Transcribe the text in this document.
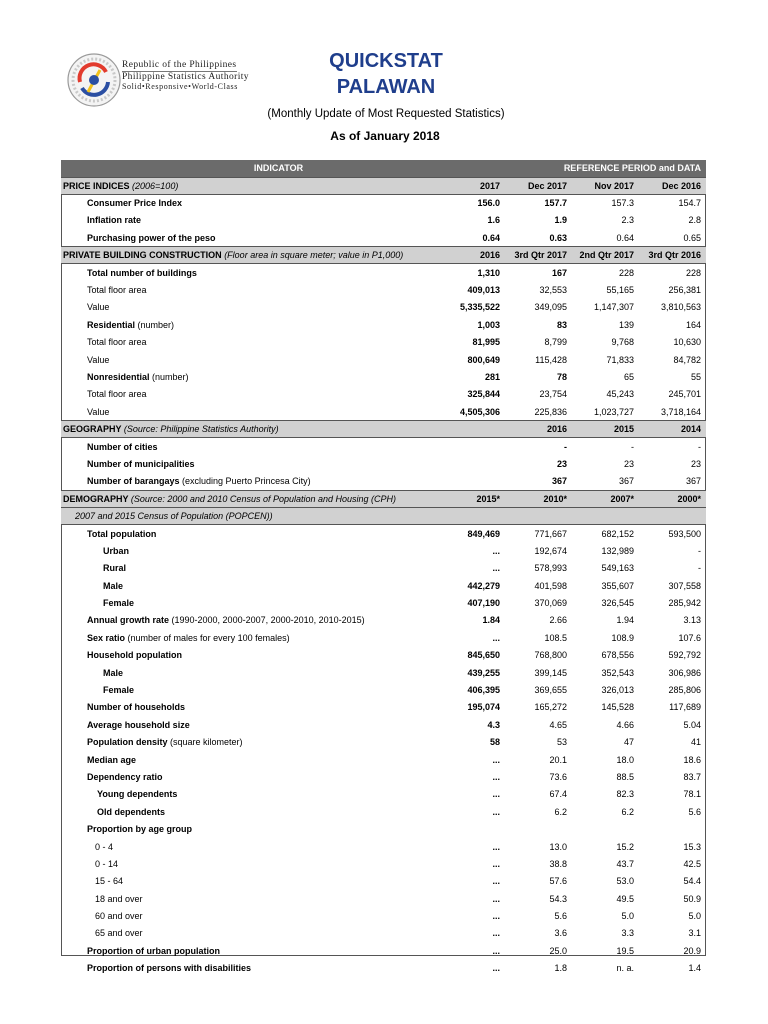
Republic of the Philippines
Philippine Statistics Authority
Solid•Responsive•World-Class
QUICKSTAT
PALAWAN
(Monthly Update of Most Requested Statistics)
As of January 2018
INDICATOR	REFERENCE PERIOD and DATA			
PRICE INDICES (2006=100)	2017	Dec 2017	Nov 2017	Dec 2016
Consumer Price Index	156.0	157.7	157.3	154.7
Inflation rate	1.6	1.9	2.3	2.8
Purchasing power of the peso	0.64	0.63	0.64	0.65
PRIVATE BUILDING CONSTRUCTION (Floor area in square meter; value in P1,000)	2016	3rd Qtr 2017	2nd Qtr 2017	3rd Qtr 2016
Total number of buildings	1,310	167	228	228
Total floor area	409,013	32,553	55,165	256,381
Value	5,335,522	349,095	1,147,307	3,810,563
Residential (number)	1,003	83	139	164
Total floor area	81,995	8,799	9,768	10,630
Value	800,649	115,428	71,833	84,782
Nonresidential (number)	281	78	65	55
Total floor area	325,844	23,754	45,243	245,701
Value	4,505,306	225,836	1,023,727	3,718,164
GEOGRAPHY (Source: Philippine Statistics Authority)		2016	2015	2014
Number of cities		-	-	-
Number of municipalities		23	23	23
Number of barangays (excluding Puerto Princesa City)		367	367	367
DEMOGRAPHY (Source: 2000 and 2010 Census of Population and Housing (CPH)	2015*	2010*	2007*	2000*
2007 and 2015 Census of Population (POPCEN))				
Total population	849,469	771,667	682,152	593,500
Urban	...	192,674	132,989	-
Rural	...	578,993	549,163	-
Male	442,279	401,598	355,607	307,558
Female	407,190	370,069	326,545	285,942
Annual growth rate (1990-2000, 2000-2007, 2000-2010, 2010-2015)	1.84	2.66	1.94	3.13
Sex ratio (number of males for every 100 females)	...	108.5	108.9	107.6
Household population	845,650	768,800	678,556	592,792
Male	439,255	399,145	352,543	306,986
Female	406,395	369,655	326,013	285,806
Number of households	195,074	165,272	145,528	117,689
Average household size	4.3	4.65	4.66	5.04
Population density (square kilometer)	58	53	47	41
Median age	...	20.1	18.0	18.6
Dependency ratio	...	73.6	88.5	83.7
Young dependents	...	67.4	82.3	78.1
Old dependents	...	6.2	6.2	5.6
Proportion by age group				
0 - 4	...	13.0	15.2	15.3
0 - 14	...	38.8	43.7	42.5
15 - 64	...	57.6	53.0	54.4
18 and over	...	54.3	49.5	50.9
60 and over	...	5.6	5.0	5.0
65 and over	...	3.6	3.3	3.1
Proportion of urban population	...	25.0	19.5	20.9
Proportion of persons with disabilities	...	1.8	n. a.	1.4
